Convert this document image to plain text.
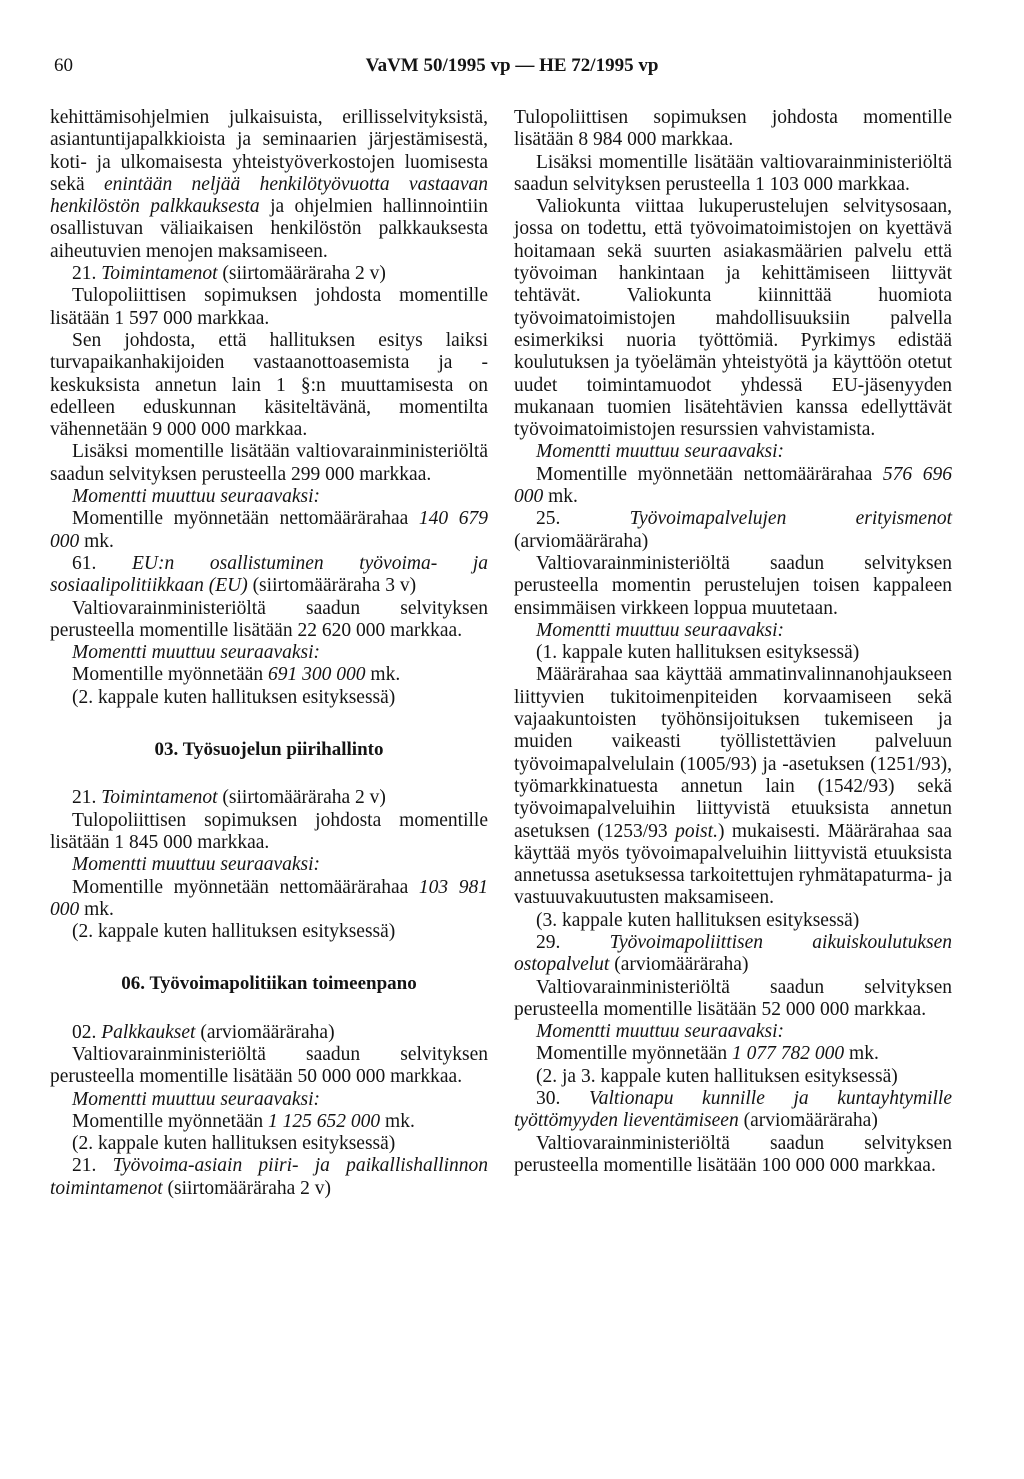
60	VaVM 50/1995 vp — HE 72/1995 vp

kehittämisohjelmien julkaisuista, erillisselvityksistä, asiantuntijapalkkioista ja seminaarien järjestämisestä, koti- ja ulkomaisesta yhteistyöverkostojen luomisesta sekä enintään neljää henkilötyövuotta vastaavan henkilöstön palkkauksesta ja ohjelmien hallinnointiin osallistuvan väliaikaisen henkilöstön palkkauksesta aiheutuvien menojen maksamiseen.

21. Toimintamenot (siirtomääräraha 2 v)

Tulopoliittisen sopimuksen johdosta momentille lisätään 1 597 000 markkaa.

Sen johdosta, että hallituksen esitys laiksi turvapaikanhakijoiden vastaanottoasemista ja -keskuksista annetun lain 1 §:n muuttamisesta on edelleen eduskunnan käsiteltävänä, momentilta vähennetään 9 000 000 markkaa.

Lisäksi momentille lisätään valtiovarainministeriöltä saadun selvityksen perusteella 299 000 markkaa.

Momentti muuttuu seuraavaksi:

Momentille myönnetään nettomäärärahaa 140 679 000 mk.

61. EU:n osallistuminen työvoima- ja sosiaalipolitiikkaan (EU) (siirtomääräraha 3 v)

Valtiovarainministeriöltä saadun selvityksen perusteella momentille lisätään 22 620 000 markkaa.

Momentti muuttuu seuraavaksi:

Momentille myönnetään 691 300 000 mk.

(2. kappale kuten hallituksen esityksessä)

03. Työsuojelun piirihallinto

21. Toimintamenot (siirtomääräraha 2 v)

Tulopoliittisen sopimuksen johdosta momentille lisätään 1 845 000 markkaa.

Momentti muuttuu seuraavaksi:

Momentille myönnetään nettomäärärahaa 103 981 000 mk.

(2. kappale kuten hallituksen esityksessä)

06. Työvoimapolitiikan toimeenpano

02. Palkkaukset (arviomääräraha)

Valtiovarainministeriöltä saadun selvityksen perusteella momentille lisätään 50 000 000 markkaa.

Momentti muuttuu seuraavaksi:

Momentille myönnetään 1 125 652 000 mk.

(2. kappale kuten hallituksen esityksessä)

21. Työvoima-asiain piiri- ja paikallishallinnon toimintamenot (siirtomääräraha 2 v)

Tulopoliittisen sopimuksen johdosta momentille lisätään 8 984 000 markkaa.

Lisäksi momentille lisätään valtiovarainministeriöltä saadun selvityksen perusteella 1 103 000 markkaa.

Valiokunta viittaa lukuperustelujen selvitysosaan, jossa on todettu, että työvoimatoimistojen on kyettävä hoitamaan sekä suurten asiakasmäärien palvelu että työvoiman hankintaan ja kehittämiseen liittyvät tehtävät. Valiokunta kiinnittää huomiota työvoimatoimistojen mahdollisuuksiin palvella esimerkiksi nuoria työttömiä. Pyrkimys edistää koulutuksen ja työelämän yhteistyötä ja käyttöön otetut uudet toimintamuodot yhdessä EU-jäsenyyden mukanaan tuomien lisätehtävien kanssa edellyttävät työvoimatoimistojen resurssien vahvistamista.

Momentti muuttuu seuraavaksi:

Momentille myönnetään nettomäärärahaa 576 696 000 mk.

25. Työvoimapalvelujen erityismenot (arviomääräraha)

Valtiovarainministeriöltä saadun selvityksen perusteella momentin perustelujen toisen kappaleen ensimmäisen virkkeen loppua muutetaan.

Momentti muuttuu seuraavaksi:

(1. kappale kuten hallituksen esityksessä)

Määrärahaa saa käyttää ammatinvalinnanohjaukseen liittyvien tukitoimenpiteiden korvaamiseen sekä vajaakuntoisten työhönsijoituksen tukemiseen ja muiden vaikeasti työllistettävien palveluun työvoimapalvelulain (1005/93) ja -asetuksen (1251/93), työmarkkinatuesta annetun lain (1542/93) sekä työvoimapalveluihin liittyvistä etuuksista annetun asetuksen (1253/93 poist.) mukaisesti. Määrärahaa saa käyttää myös työvoimapalveluihin liittyvistä etuuksista annetussa asetuksessa tarkoitettujen ryhmätapaturma- ja vastuuvakuutusten maksamiseen.

(3. kappale kuten hallituksen esityksessä)

29. Työvoimapoliittisen aikuiskoulutuksen ostopalvelut (arviomääräraha)

Valtiovarainministeriöltä saadun selvityksen perusteella momentille lisätään 52 000 000 markkaa.

Momentti muuttuu seuraavaksi:

Momentille myönnetään 1 077 782 000 mk.

(2. ja 3. kappale kuten hallituksen esityksessä)

30. Valtionapu kunnille ja kuntayhtymille työttömyyden lieventämiseen (arviomääräraha)

Valtiovarainministeriöltä saadun selvityksen perusteella momentille lisätään 100 000 000 markkaa.
